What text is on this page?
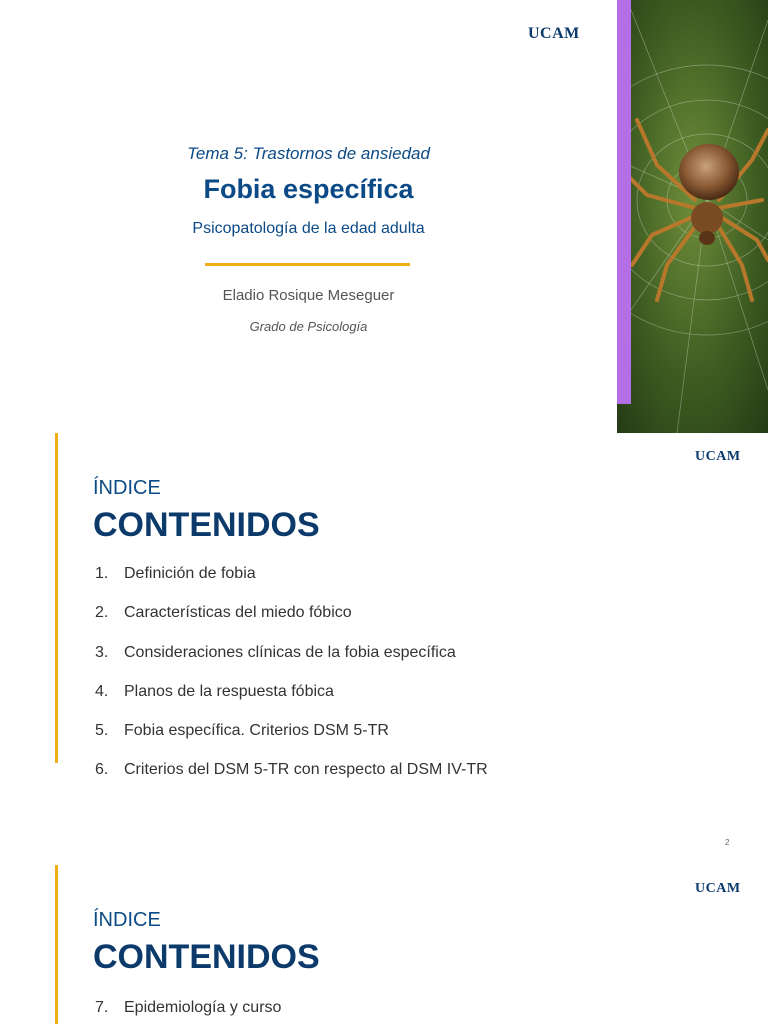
UCAM
Tema 5: Trastornos de ansiedad
Fobia específica
Psicopatología de la edad adulta
Eladio Rosique Meseguer
Grado de Psicología
UCAM
ÍNDICE
CONTENIDOS
1. Definición de fobia
2. Características del miedo fóbico
3. Consideraciones clínicas de la fobia específica
4. Planos de la respuesta fóbica
5. Fobia específica. Criterios DSM 5-TR
6. Criterios del DSM 5-TR con respecto al DSM IV-TR
2
UCAM
ÍNDICE
CONTENIDOS
7. Epidemiología y curso
